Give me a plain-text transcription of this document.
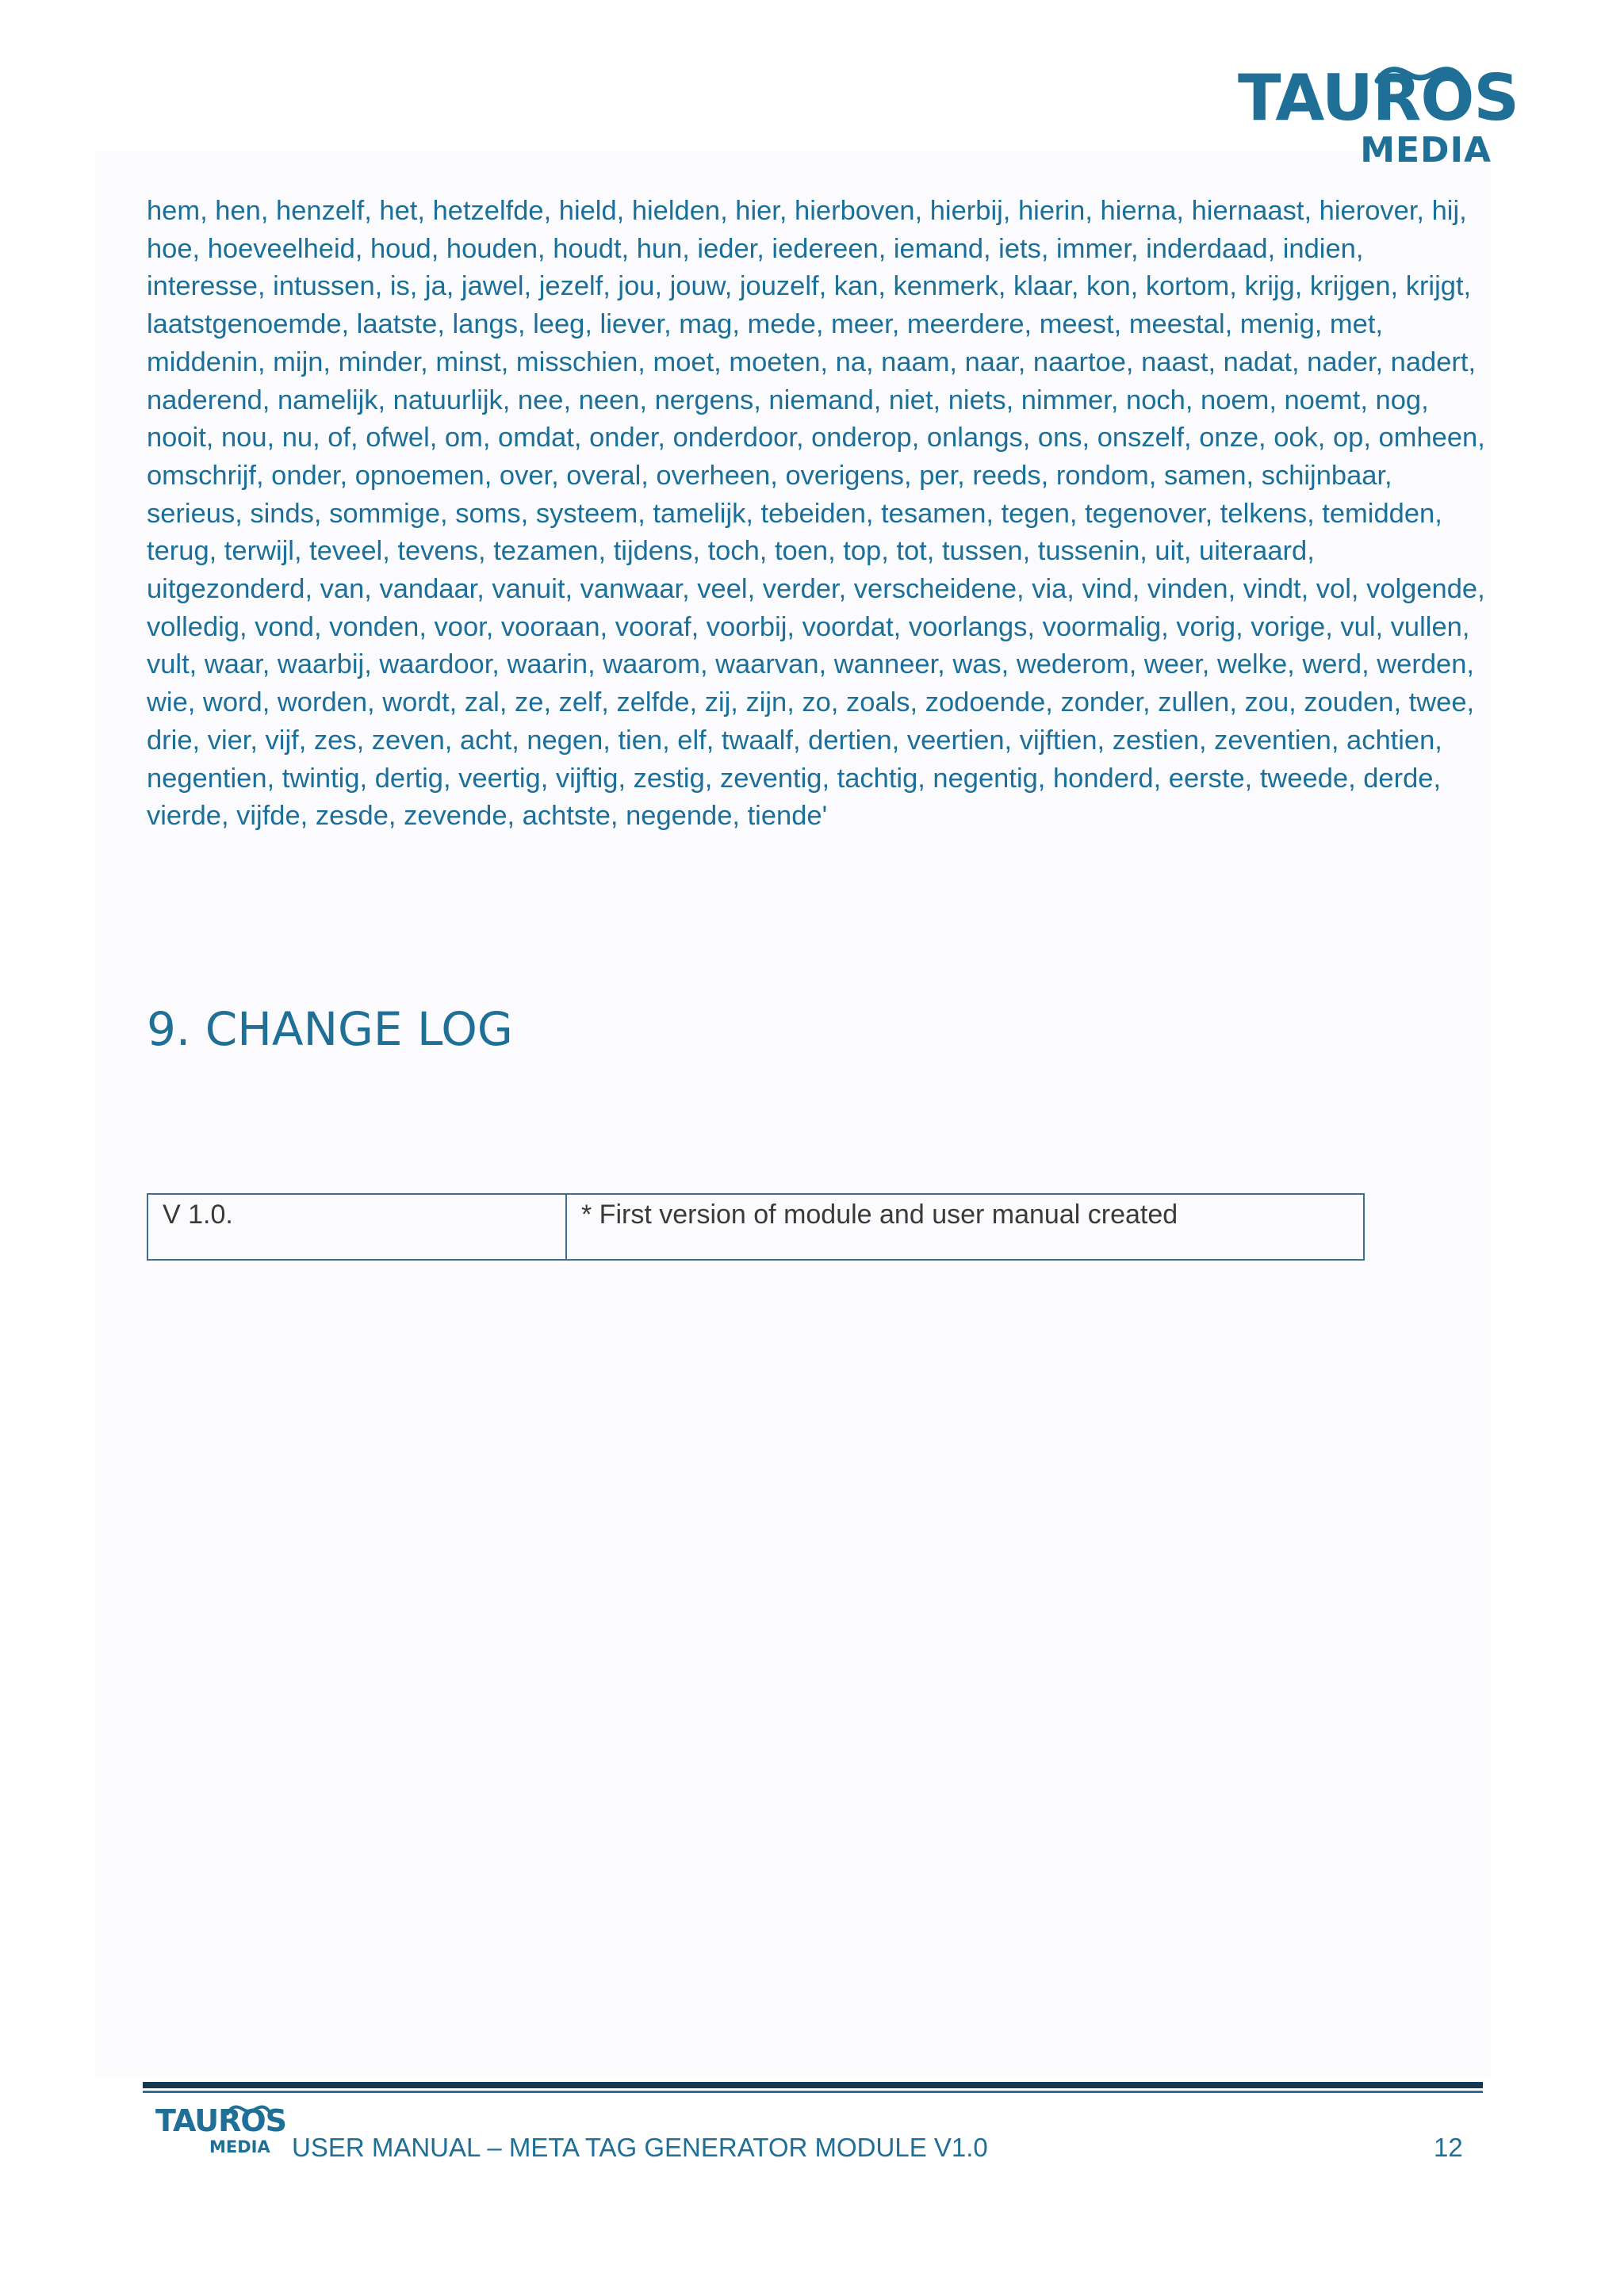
TAUROS
MEDIA
hem, hen, henzelf, het, hetzelfde, hield, hielden, hier, hierboven, hierbij, hierin, hierna, hiernaast, hierover, hij, hoe, hoeveelheid, houd, houden, houdt, hun, ieder, iedereen, iemand, iets, immer, inderdaad, indien, interesse, intussen, is, ja, jawel, jezelf, jou, jouw, jouzelf, kan, kenmerk, klaar, kon, kortom, krijg, krijgen, krijgt, laatstgenoemde, laatste, langs, leeg, liever, mag, mede, meer, meerdere, meest, meestal, menig, met, middenin, mijn, minder, minst, misschien, moet, moeten, na, naam, naar, naartoe, naast, nadat, nader, nadert, naderend, namelijk, natuurlijk, nee, neen, nergens, niemand, niet, niets, nimmer, noch, noem, noemt, nog, nooit, nou, nu, of, ofwel, om, omdat, onder, onderdoor, onderop, onlangs, ons, onszelf, onze, ook, op, omheen, omschrijf, onder, opnoemen, over, overal, overheen, overigens, per, reeds, rondom, samen, schijnbaar, serieus, sinds, sommige, soms, systeem, tamelijk, tebeiden, tesamen, tegen, tegenover, telkens, temidden, terug, terwijl, teveel, tevens, tezamen, tijdens, toch, toen, top, tot, tussen, tussenin, uit, uiteraard, uitgezonderd, van, vandaar, vanuit, vanwaar, veel, verder, verscheidene, via, vind, vinden, vindt, vol, volgende, volledig, vond, vonden, voor, vooraan, vooraf, voorbij, voordat, voorlangs, voormalig, vorig, vorige, vul, vullen, vult, waar, waarbij, waardoor, waarin, waarom, waarvan, wanneer, was, wederom, weer, welke, werd, werden, wie, word, worden, wordt, zal, ze, zelf, zelfde, zij, zijn, zo, zoals, zodoende, zonder, zullen, zou, zouden, twee, drie, vier, vijf, zes, zeven, acht, negen, tien, elf, twaalf, dertien, veertien, vijftien, zestien, zeventien, achtien, negentien, twintig, dertig, veertig, vijftig, zestig, zeventig, tachtig, negentig, honderd, eerste, tweede, derde, vierde, vijfde, zesde, zevende, achtste, negende, tiende'
9. CHANGE LOG
V 1.0.	* First version of module and user manual created
TAUROS
MEDIA USER MANUAL – META TAG GENERATOR MODULE V1.0	12
